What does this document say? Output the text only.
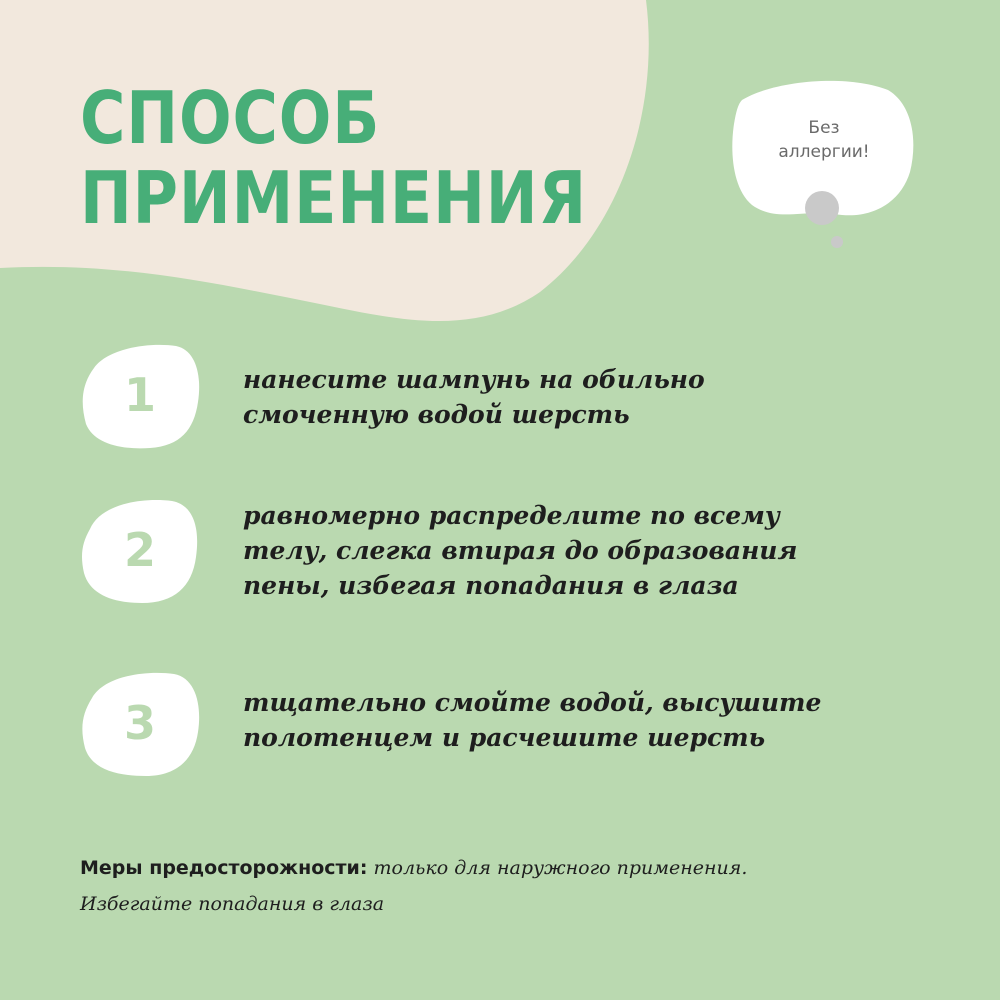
СПОСОБ
ПРИМЕНЕНИЯ
Без
аллергии!
1	нанесите шампунь на обильно
смоченную водой шерсть

2

равномерно распределите по всему
телу, слегка втирая до образования
пены, избегая попадания в глаза

3	тщательно смойте водой, высушите
полотенцем и расчешите шерсть

Меры предосторожности: только для наружного применения.
Избегайте попадания в глаза
